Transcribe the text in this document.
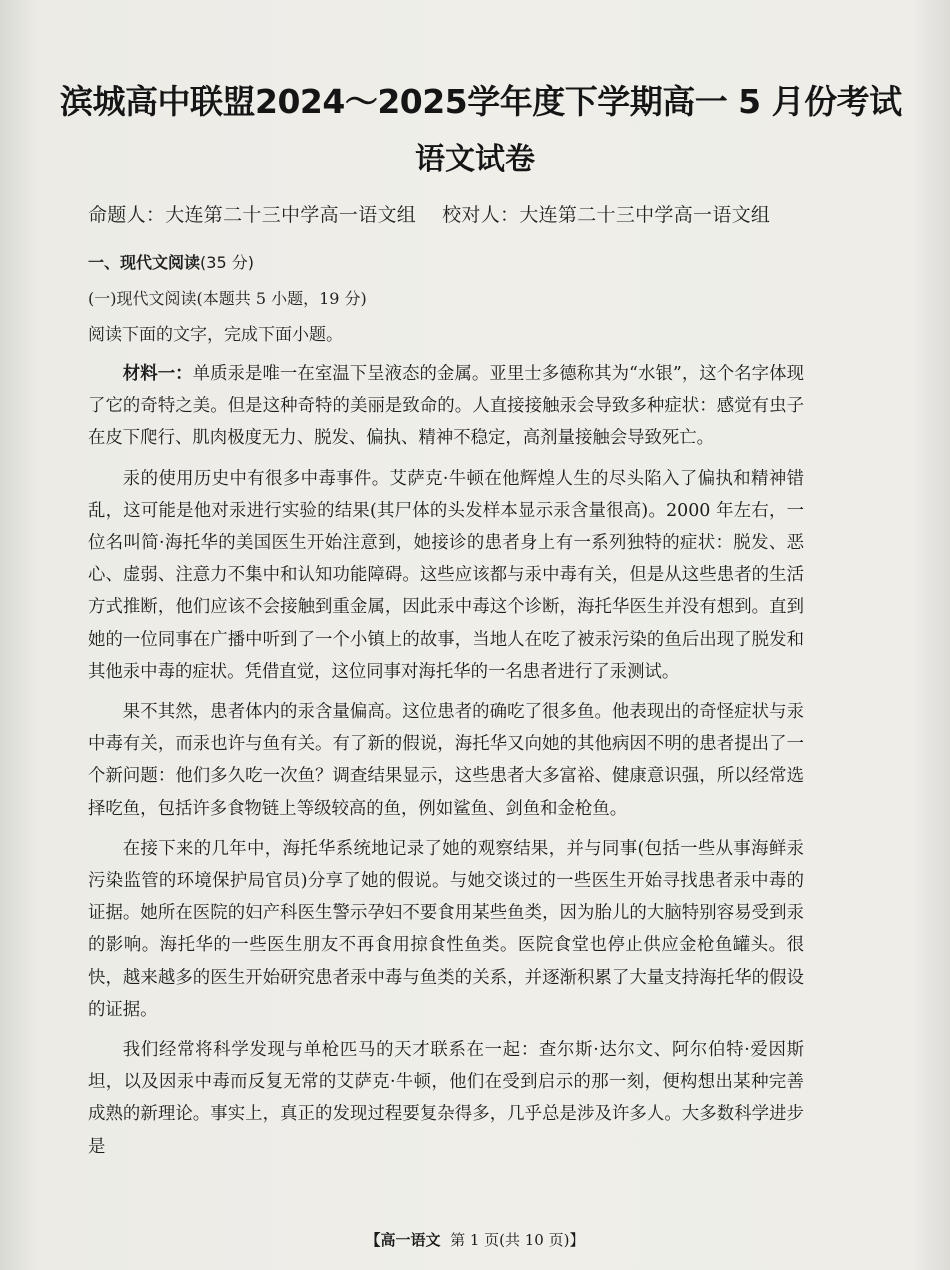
滨城高中联盟2024～2025学年度下学期高一 5 月份考试
语文试卷
命题人：大连第二十三中学高一语文组 校对人：大连第二十三中学高一语文组
一、现代文阅读(35 分)
(一)现代文阅读(本题共 5 小题，19 分)
阅读下面的文字，完成下面小题。

材料一：单质汞是唯一在室温下呈液态的金属。亚里士多德称其为“水银”，这个名字体现了它的奇特之美。但是这种奇特的美丽是致命的。人直接接触汞会导致多种症状：感觉有虫子在皮下爬行、肌肉极度无力、脱发、偏执、精神不稳定，高剂量接触会导致死亡。

汞的使用历史中有很多中毒事件。艾萨克·牛顿在他辉煌人生的尽头陷入了偏执和精神错乱，这可能是他对汞进行实验的结果(其尸体的头发样本显示汞含量很高)。2000 年左右，一位名叫简·海托华的美国医生开始注意到，她接诊的患者身上有一系列独特的症状：脱发、恶心、虚弱、注意力不集中和认知功能障碍。这些应该都与汞中毒有关，但是从这些患者的生活方式推断，他们应该不会接触到重金属，因此汞中毒这个诊断，海托华医生并没有想到。直到她的一位同事在广播中听到了一个小镇上的故事，当地人在吃了被汞污染的鱼后出现了脱发和其他汞中毒的症状。凭借直觉，这位同事对海托华的一名患者进行了汞测试。

果不其然，患者体内的汞含量偏高。这位患者的确吃了很多鱼。他表现出的奇怪症状与汞中毒有关，而汞也许与鱼有关。有了新的假说，海托华又向她的其他病因不明的患者提出了一个新问题：他们多久吃一次鱼？调查结果显示，这些患者大多富裕、健康意识强，所以经常选择吃鱼，包括许多食物链上等级较高的鱼，例如鲨鱼、剑鱼和金枪鱼。

在接下来的几年中，海托华系统地记录了她的观察结果，并与同事(包括一些从事海鲜汞污染监管的环境保护局官员)分享了她的假说。与她交谈过的一些医生开始寻找患者汞中毒的证据。她所在医院的妇产科医生警示孕妇不要食用某些鱼类，因为胎儿的大脑特别容易受到汞的影响。海托华的一些医生朋友不再食用掠食性鱼类。医院食堂也停止供应金枪鱼罐头。很快，越来越多的医生开始研究患者汞中毒与鱼类的关系，并逐渐积累了大量支持海托华的假设的证据。

我们经常将科学发现与单枪匹马的天才联系在一起：查尔斯·达尔文、阿尔伯特·爱因斯坦，以及因汞中毒而反复无常的艾萨克·牛顿，他们在受到启示的那一刻，便构想出某种完善成熟的新理论。事实上，真正的发现过程要复杂得多，几乎总是涉及许多人。大多数科学进步是

【高一语文 第 1 页(共 10 页)】
